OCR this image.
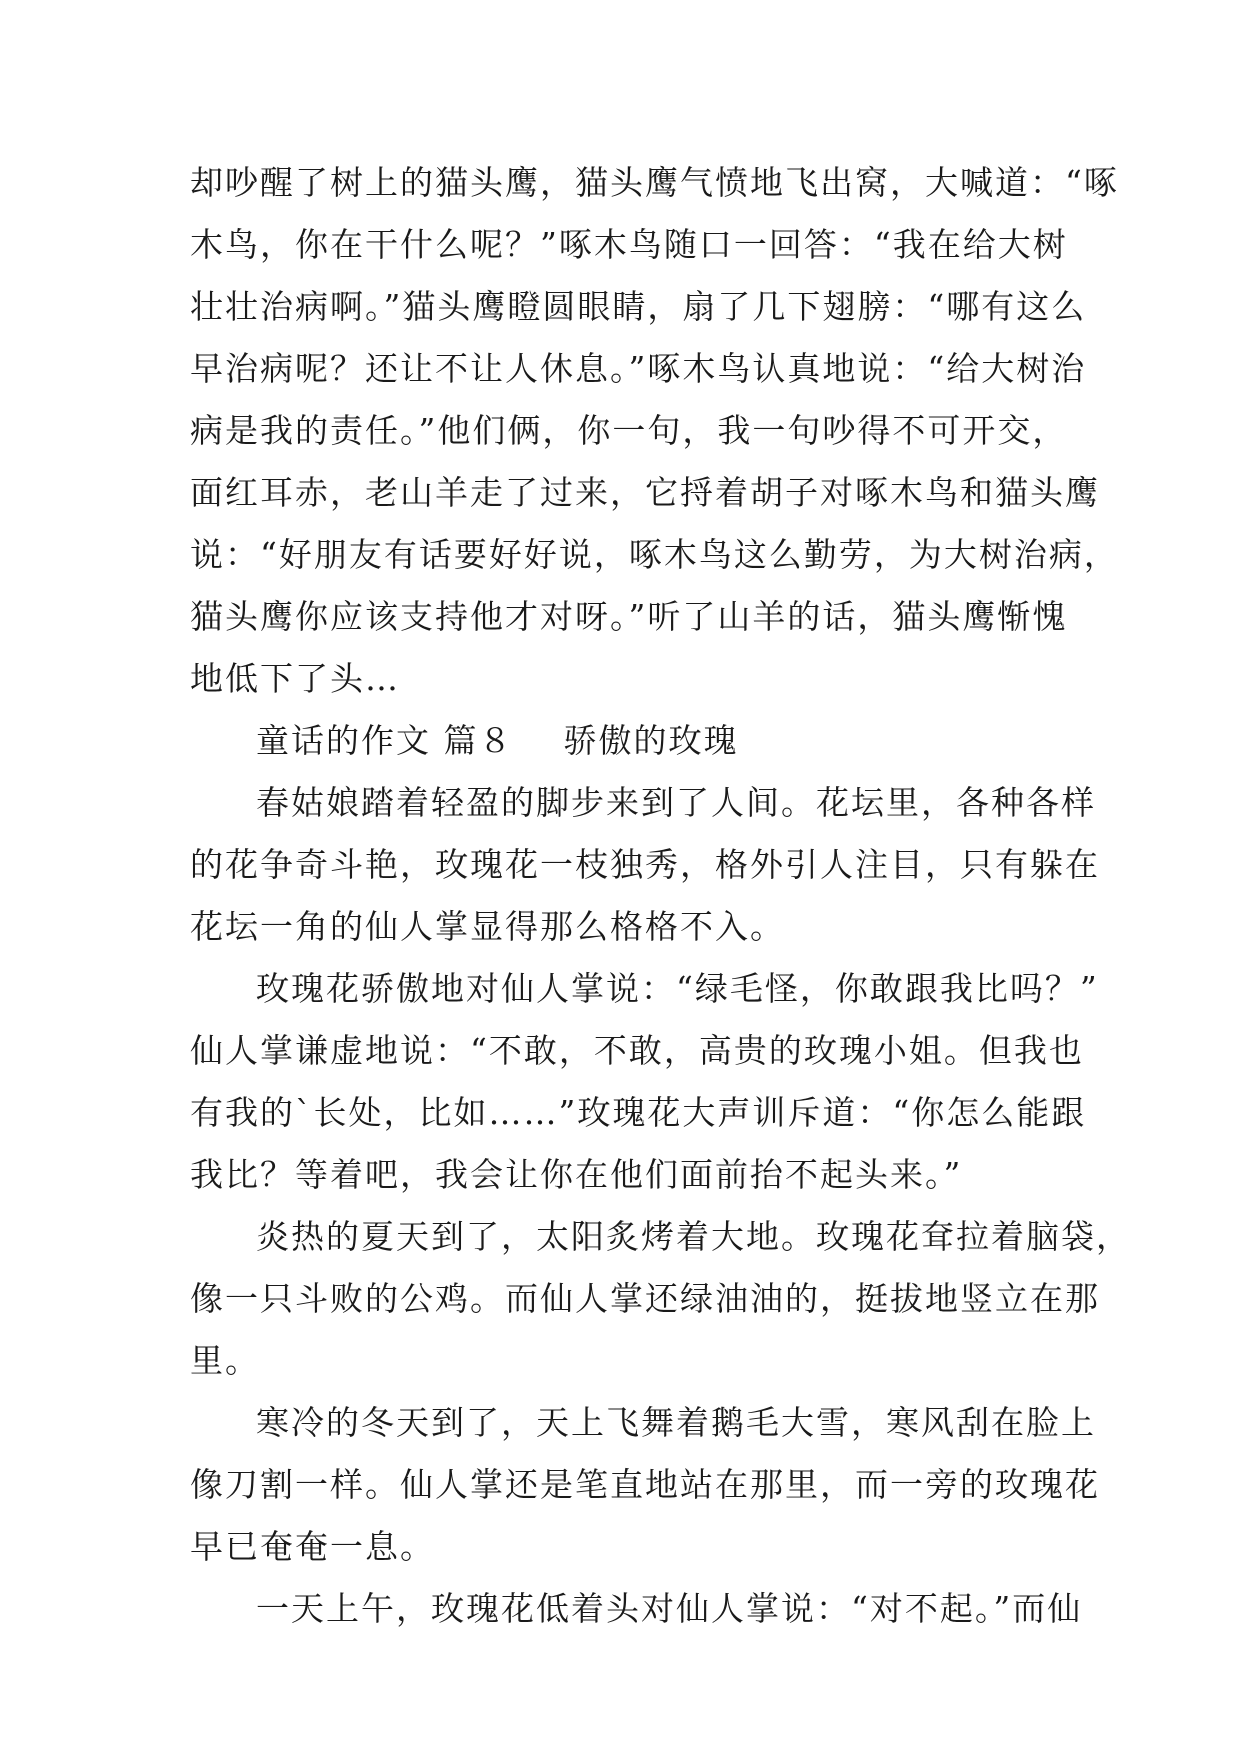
却吵醒了树上的猫头鹰，猫头鹰气愤地飞出窝，大喊道：“啄
木鸟，你在干什么呢？”啄木鸟随口一回答：“我在给大树
壮壮治病啊。”猫头鹰瞪圆眼睛，扇了几下翅膀：“哪有这么
早治病呢？还让不让人休息。”啄木鸟认真地说：“给大树治
病是我的责任。”他们俩，你一句，我一句吵得不可开交，
面红耳赤，老山羊走了过来，它捋着胡子对啄木鸟和猫头鹰
说：“好朋友有话要好好说，啄木鸟这么勤劳，为大树治病，
猫头鹰你应该支持他才对呀。”听了山羊的话，猫头鹰惭愧
地低下了头…
童话的作文 篇８ 骄傲的玫瑰
春姑娘踏着轻盈的脚步来到了人间。花坛里，各种各样
的花争奇斗艳，玫瑰花一枝独秀，格外引人注目，只有躲在
花坛一角的仙人掌显得那么格格不入。
玫瑰花骄傲地对仙人掌说：“绿毛怪，你敢跟我比吗？”
仙人掌谦虚地说：“不敢，不敢，高贵的玫瑰小姐。但我也
有我的`长处，比如……”玫瑰花大声训斥道：“你怎么能跟
我比？等着吧，我会让你在他们面前抬不起头来。”
炎热的夏天到了，太阳炙烤着大地。玫瑰花耷拉着脑袋，
像一只斗败的公鸡。而仙人掌还绿油油的，挺拔地竖立在那
里。
寒冷的冬天到了，天上飞舞着鹅毛大雪，寒风刮在脸上
像刀割一样。仙人掌还是笔直地站在那里，而一旁的玫瑰花
早已奄奄一息。
一天上午，玫瑰花低着头对仙人掌说：“对不起。”而仙
